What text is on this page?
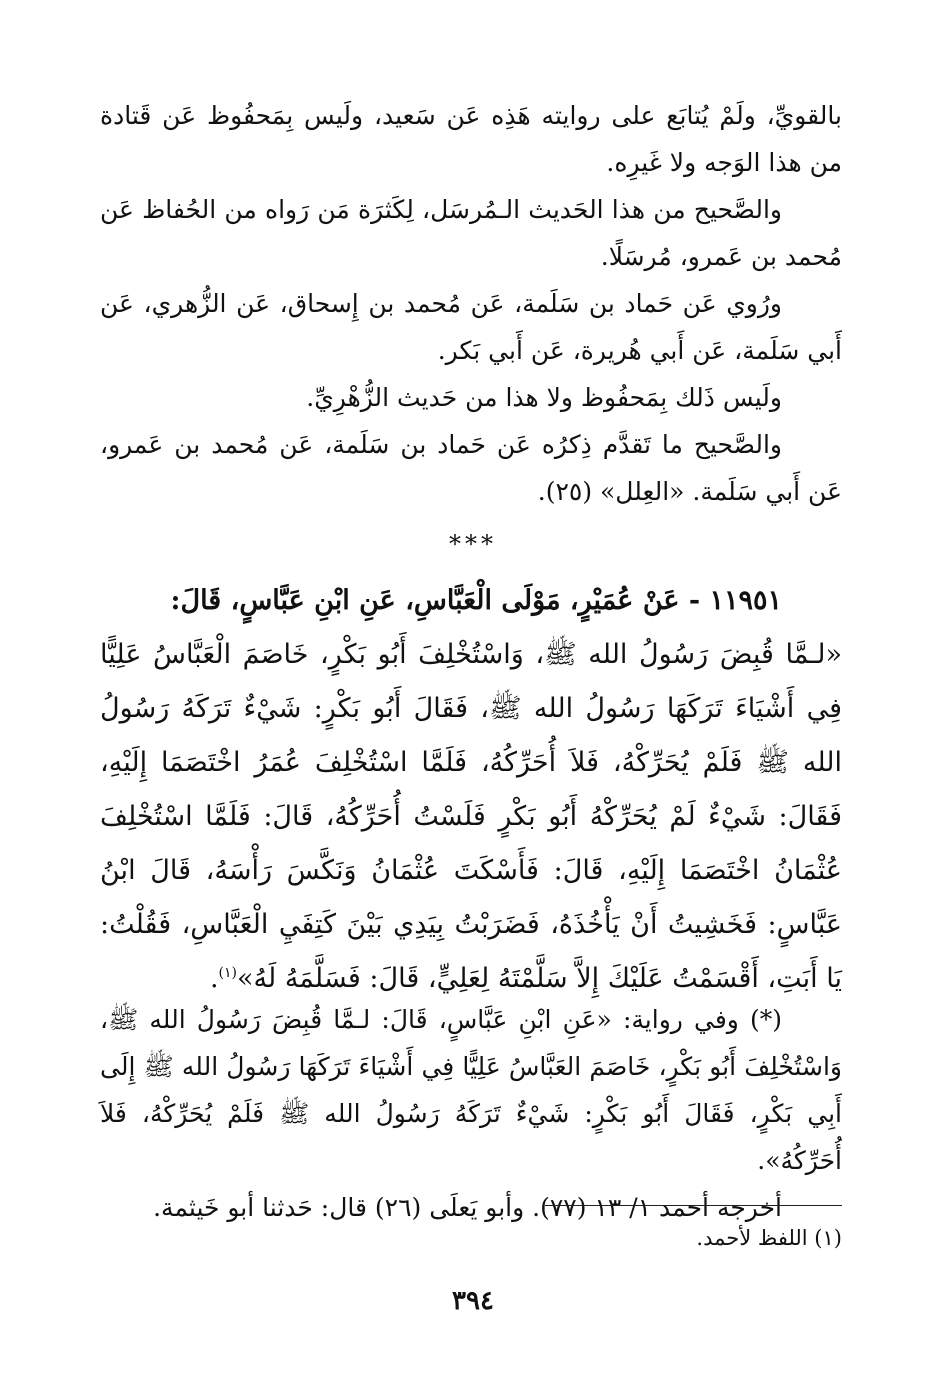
بالقويِّ، ولَمْ يُتابَع على روايته هَذِه عَن سَعيد، ولَيس بِمَحفُوظ عَن قَتادة من هذا الوَجه ولا غَيرِه.

والصَّحيح من هذا الحَديث الـمُرسَل، لِكَثرَة مَن رَواه من الحُفاظ عَن مُحمد بن عَمرو، مُرسَلًا.

ورُوي عَن حَماد بن سَلَمة، عَن مُحمد بن إِسحاق، عَن الزُّهري، عَن أَبي سَلَمة، عَن أَبي هُريرة، عَن أَبي بَكر.

ولَيس ذَلك بِمَحفُوظ ولا هذا من حَديث الزُّهْرِيِّ.

والصَّحيح ما تَقدَّم ذِكرُه عَن حَماد بن سَلَمة، عَن مُحمد بن عَمرو، عَن أَبي سَلَمة. «العِلل» (٢٥).

***

١١٩٥١ - عَنْ عُمَيْرٍ، مَوْلَى الْعَبَّاسِ، عَنِ ابْنِ عَبَّاسٍ، قَالَ:

«لـمَّا قُبِضَ رَسُولُ الله ﷺ، وَاسْتُخْلِفَ أَبُو بَكْرٍ، خَاصَمَ الْعَبَّاسُ عَلِيًّا فِي أَشْيَاءَ تَرَكَهَا رَسُولُ الله ﷺ، فَقَالَ أَبُو بَكْرٍ: شَيْءٌ تَرَكَهُ رَسُولُ الله ﷺ فَلَمْ يُحَرِّكْهُ، فَلاَ أُحَرِّكُهُ، فَلَمَّا اسْتُخْلِفَ عُمَرُ اخْتَصَمَا إِلَيْهِ، فَقَالَ: شَيْءٌ لَمْ يُحَرِّكْهُ أَبُو بَكْرٍ فَلَسْتُ أُحَرِّكُهُ، قَالَ: فَلَمَّا اسْتُخْلِفَ عُثْمَانُ اخْتَصَمَا إِلَيْهِ، قَالَ: فَأَسْكَتَ عُثْمَانُ وَنَكَّسَ رَأْسَهُ، قَالَ ابْنُ عَبَّاسٍ: فَخَشِيتُ أَنْ يَأْخُذَهُ، فَضَرَبْتُ بِيَدِي بَيْنَ كَتِفَيِ الْعَبَّاسِ، فَقُلْتُ: يَا أَبَتِ، أَقْسَمْتُ عَلَيْكَ إِلاَّ سَلَّمْتَهُ لِعَلِيٍّ، قَالَ: فَسَلَّمَهُ لَهُ»$^{(١)}$.

(*) وفي رواية: «عَنِ ابْنِ عَبَّاسٍ، قَالَ: لـمَّا قُبِضَ رَسُولُ الله ﷺ، وَاسْتُخْلِفَ أَبُو بَكْرٍ، خَاصَمَ العَبَّاسُ عَلِيًّا فِي أَشْيَاءَ تَرَكَهَا رَسُولُ الله ﷺ إِلَى أَبِي بَكْرٍ، فَقَالَ أَبُو بَكْرٍ: شَيْءٌ تَرَكَهُ رَسُولُ الله ﷺ فَلَمْ يُحَرِّكْهُ، فَلاَ أُحَرِّكُهُ».

أخرجه أحمد ١/ ١٣ (٧٧). وأبو يَعلَى (٢٦) قال: حَدثنا أبو خَيثمة.

(١) اللفظ لأحمد.
٣٩٤
